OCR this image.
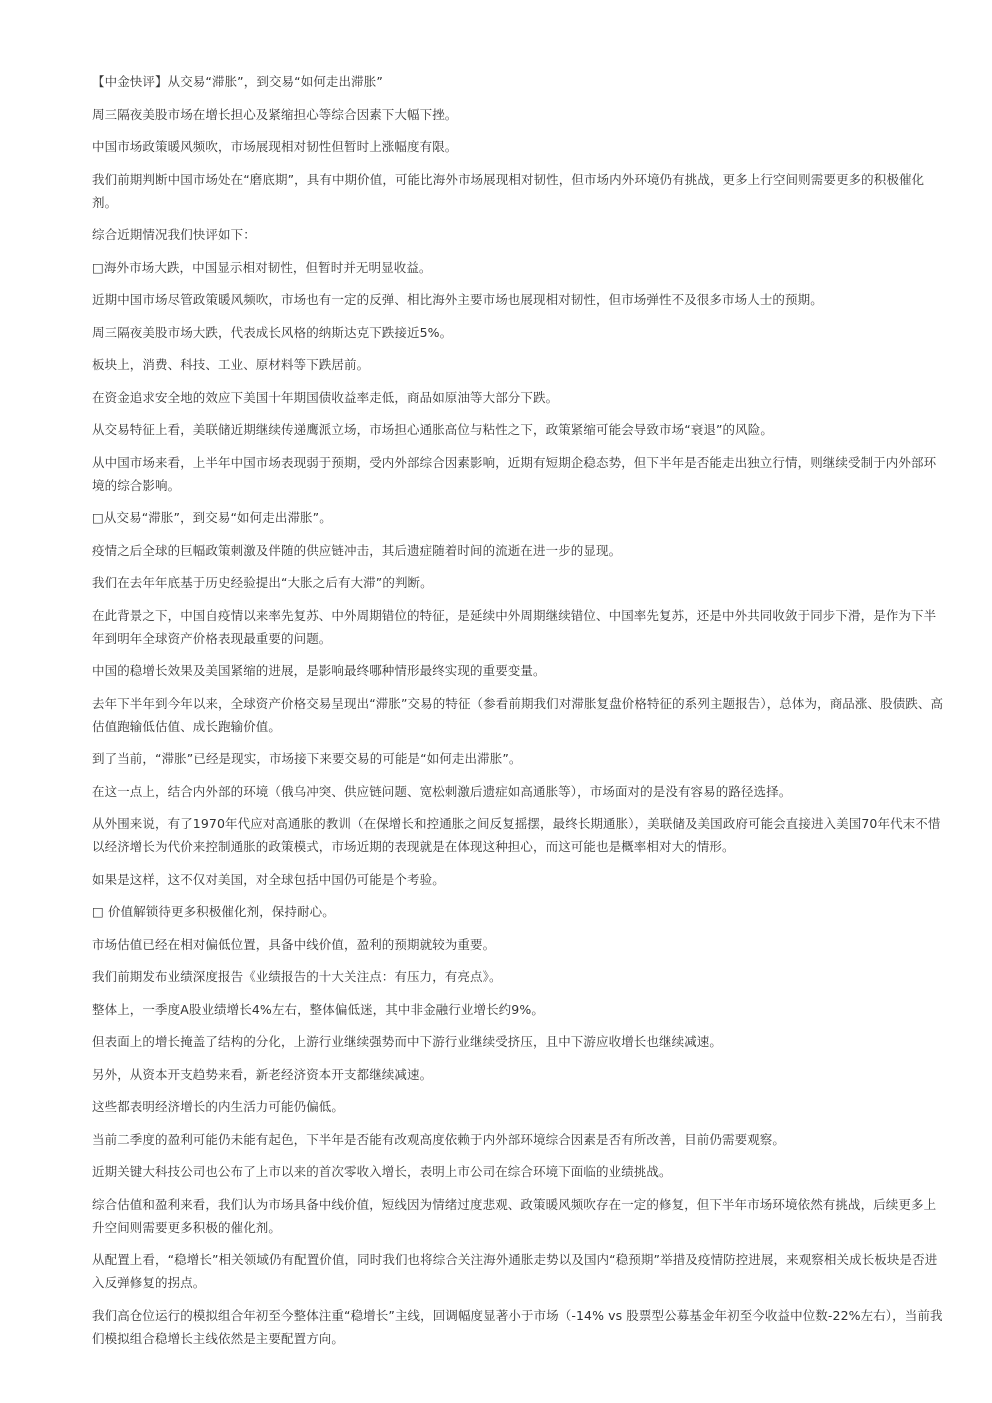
【中金快评】从交易“滞胀”，到交易“如何走出滞胀”

周三隔夜美股市场在增长担心及紧缩担心等综合因素下大幅下挫。

中国市场政策暖风频吹，市场展现相对韧性但暂时上涨幅度有限。

我们前期判断中国市场处在“磨底期”，具有中期价值，可能比海外市场展现相对韧性，但市场内外环境仍有挑战，更多上行空间则需要更多的积极催化剂。

综合近期情况我们快评如下：

□海外市场大跌，中国显示相对韧性，但暂时并无明显收益。

近期中国市场尽管政策暖风频吹，市场也有一定的反弹、相比海外主要市场也展现相对韧性，但市场弹性不及很多市场人士的预期。

周三隔夜美股市场大跌，代表成长风格的纳斯达克下跌接近5%。

板块上，消费、科技、工业、原材料等下跌居前。

在资金追求安全地的效应下美国十年期国债收益率走低，商品如原油等大部分下跌。

从交易特征上看，美联储近期继续传递鹰派立场，市场担心通胀高位与粘性之下，政策紧缩可能会导致市场“衰退”的风险。

从中国市场来看，上半年中国市场表现弱于预期，受内外部综合因素影响，近期有短期企稳态势，但下半年是否能走出独立行情，则继续受制于内外部环境的综合影响。

□从交易“滞胀”，到交易“如何走出滞胀”。

疫情之后全球的巨幅政策刺激及伴随的供应链冲击，其后遗症随着时间的流逝在进一步的显现。

我们在去年年底基于历史经验提出“大胀之后有大滞”的判断。

在此背景之下，中国自疫情以来率先复苏、中外周期错位的特征，是延续中外周期继续错位、中国率先复苏，还是中外共同收敛于同步下滑，是作为下半年到明年全球资产价格表现最重要的问题。

中国的稳增长效果及美国紧缩的进展，是影响最终哪种情形最终实现的重要变量。

去年下半年到今年以来，全球资产价格交易呈现出“滞胀”交易的特征（参看前期我们对滞胀复盘价格特征的系列主题报告），总体为，商品涨、股债跌、高估值跑输低估值、成长跑输价值。

到了当前，“滞胀”已经是现实，市场接下来要交易的可能是“如何走出滞胀”。

在这一点上，结合内外部的环境（俄乌冲突、供应链问题、宽松刺激后遗症如高通胀等），市场面对的是没有容易的路径选择。

从外围来说，有了1970年代应对高通胀的教训（在保增长和控通胀之间反复摇摆，最终长期通胀），美联储及美国政府可能会直接进入美国70年代末不惜以经济增长为代价来控制通胀的政策模式，市场近期的表现就是在体现这种担心，而这可能也是概率相对大的情形。

如果是这样，这不仅对美国，对全球包括中国仍可能是个考验。

□ 价值解锁待更多积极催化剂，保持耐心。

市场估值已经在相对偏低位置，具备中线价值，盈利的预期就较为重要。

我们前期发布业绩深度报告《业绩报告的十大关注点：有压力，有亮点》。

整体上，一季度A股业绩增长4%左右，整体偏低迷，其中非金融行业增长约9%。

但表面上的增长掩盖了结构的分化，上游行业继续强势而中下游行业继续受挤压，且中下游应收增长也继续减速。

另外，从资本开支趋势来看，新老经济资本开支都继续减速。

这些都表明经济增长的内生活力可能仍偏低。

当前二季度的盈利可能仍未能有起色，下半年是否能有改观高度依赖于内外部环境综合因素是否有所改善，目前仍需要观察。

近期关键大科技公司也公布了上市以来的首次零收入增长，表明上市公司在综合环境下面临的业绩挑战。

综合估值和盈利来看，我们认为市场具备中线价值，短线因为情绪过度悲观、政策暖风频吹存在一定的修复，但下半年市场环境依然有挑战，后续更多上升空间则需要更多积极的催化剂。

从配置上看，“稳增长”相关领域仍有配置价值，同时我们也将综合关注海外通胀走势以及国内“稳预期”举措及疫情防控进展，来观察相关成长板块是否进入反弹修复的拐点。

我们高仓位运行的模拟组合年初至今整体注重“稳增长”主线，回调幅度显著小于市场（-14% vs 股票型公募基金年初至今收益中位数-22%左右），当前我们模拟组合稳增长主线依然是主要配置方向。
